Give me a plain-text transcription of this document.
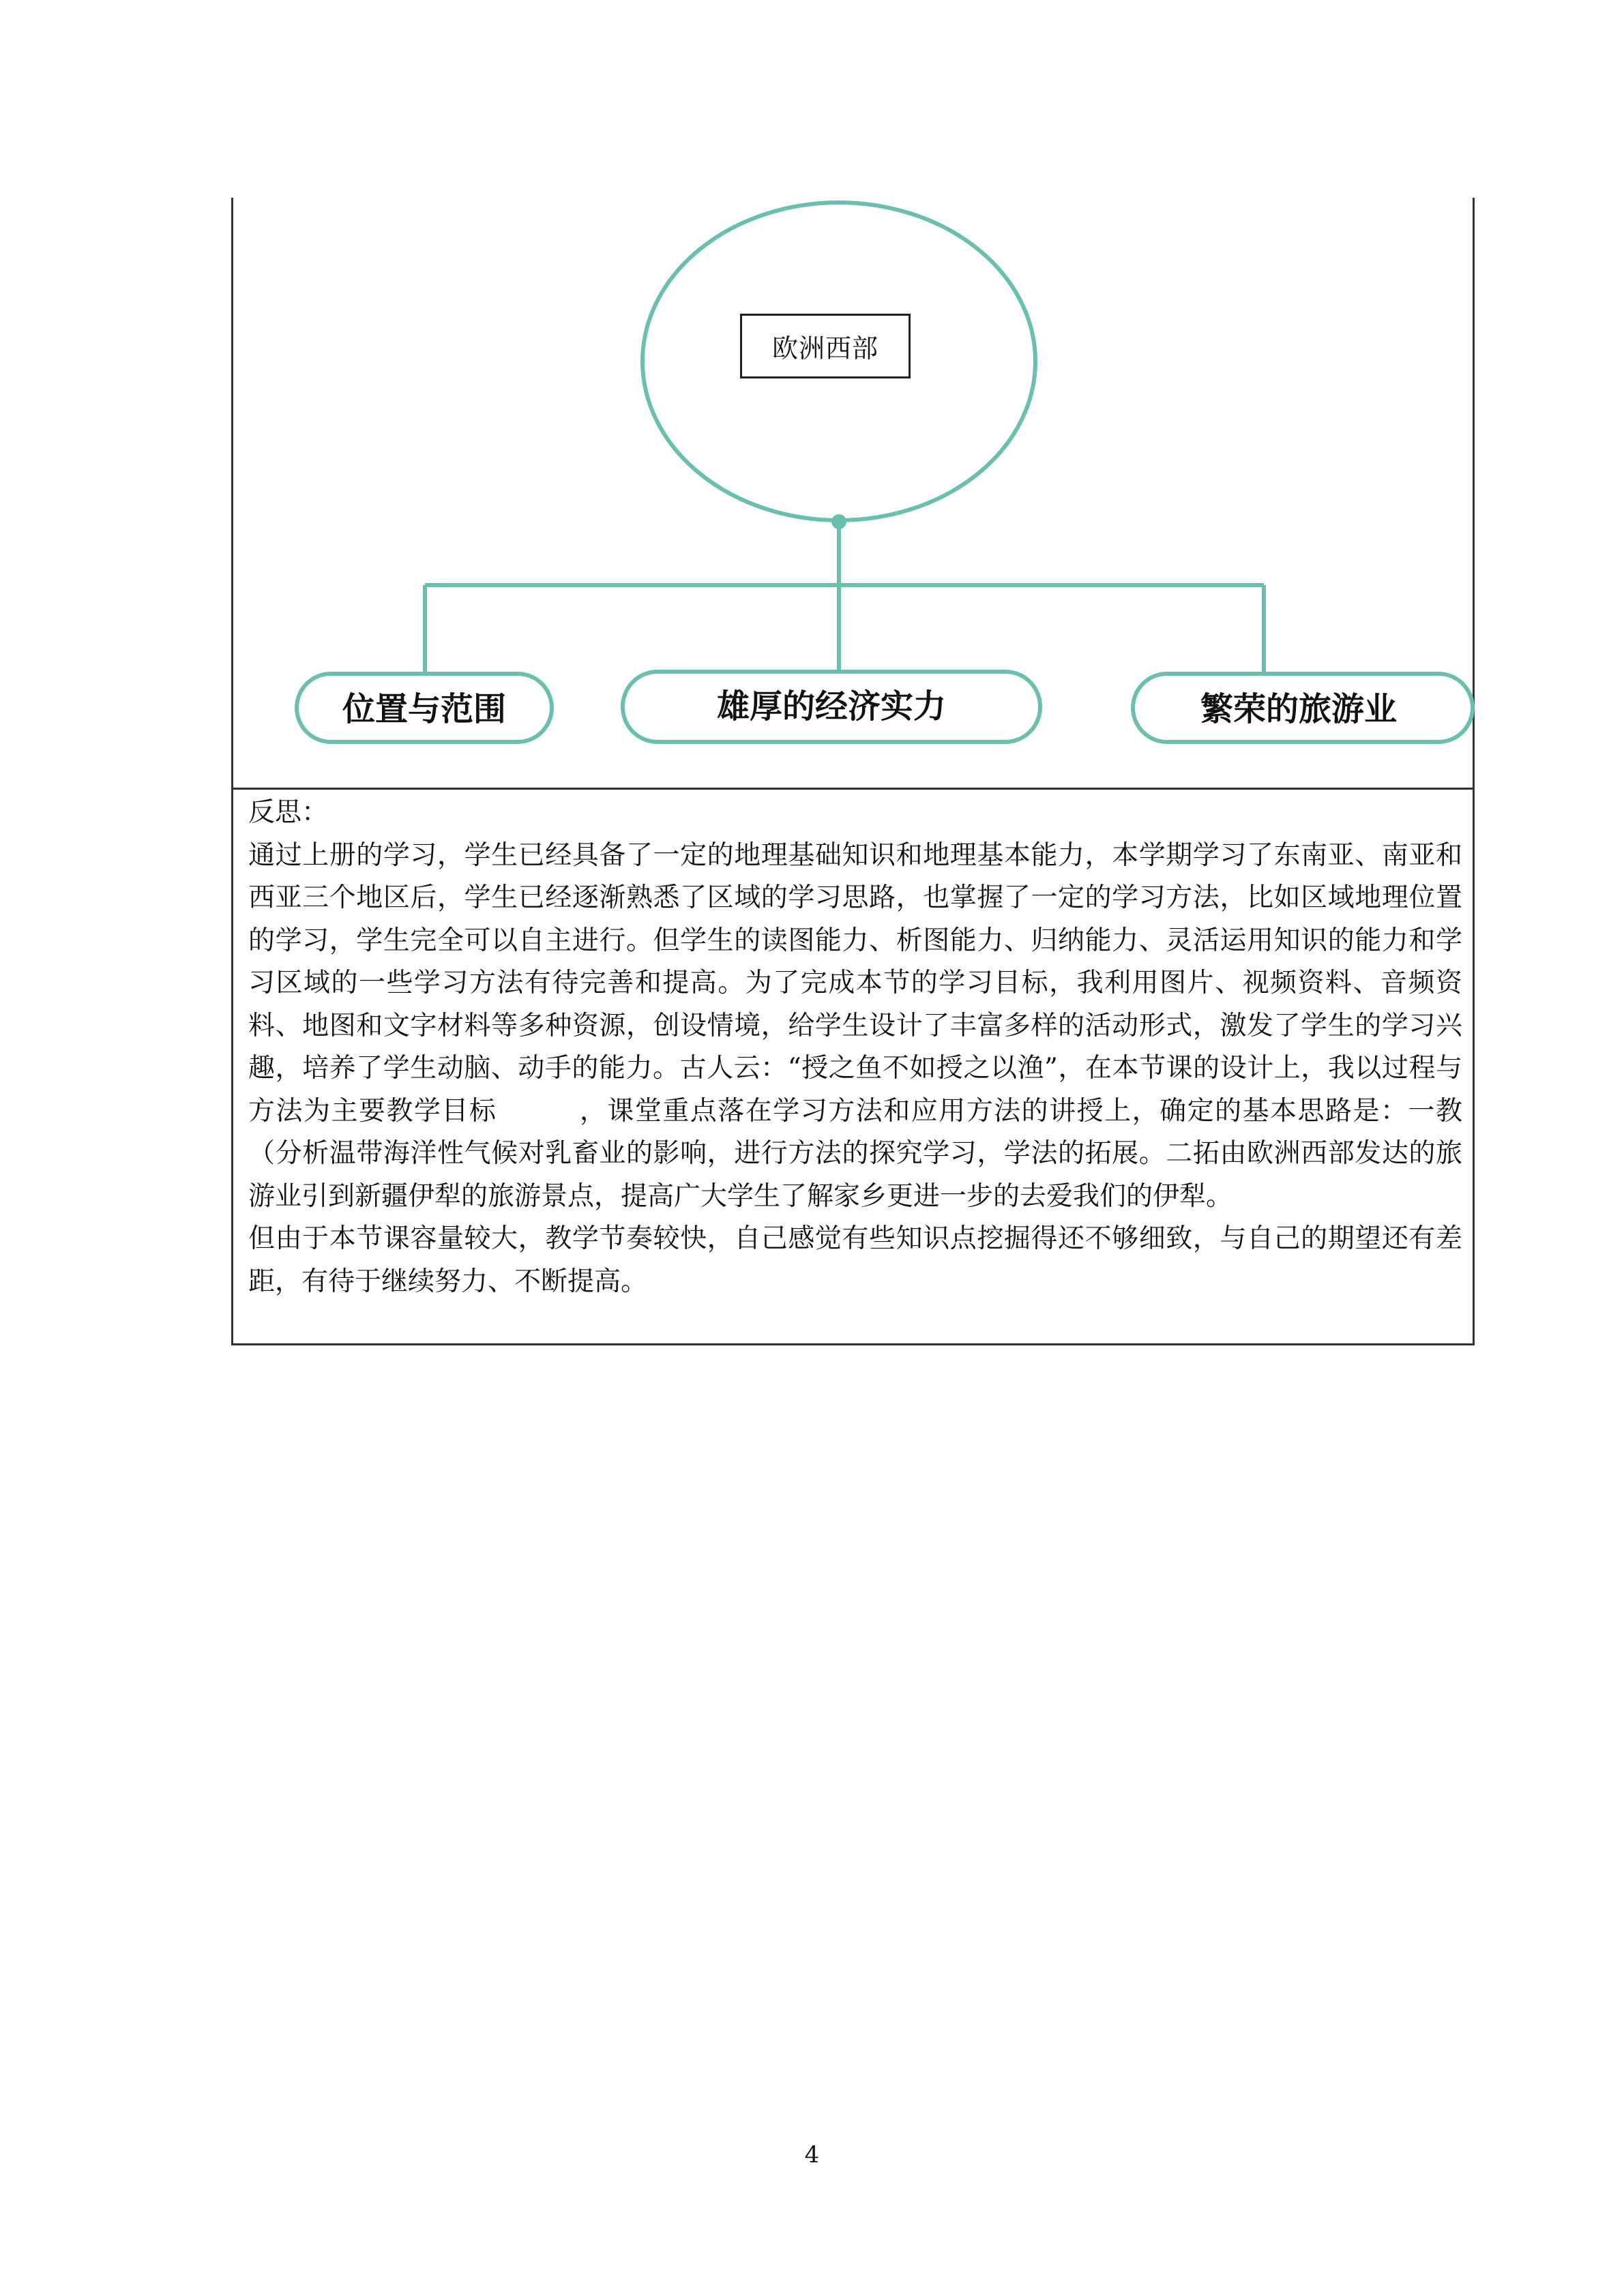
位置与范围	雄厚的经济实力	繁荣的旅游业
欧洲西部

反思：

通过上册的学习，学生已经具备了一定的地理基础知识和地理基本能力，本学期学习了东南亚、南亚和西亚三个地区后，学生已经逐渐熟悉了区域的学习思路，也掌握了一定的学习方法，比如区域地理位置的学习，学生完全可以自主进行。但学生的读图能力、析图能力、归纳能力、灵活运用知识的能力和学习区域的一些学习方法有待完善和提高。为了完成本节的学习目标，我利用图片、视频资料、音频资料、地图和文字材料等多种资源，创设情境，给学生设计了丰富多样的活动形式，激发了学生的学习兴趣，培养了学生动脑、动手的能力。古人云：“授之鱼不如授之以渔”，在本节课的设计上，我以过程与方法为主要教学目标　　　，课堂重点落在学习方法和应用方法的讲授上，确定的基本思路是：一教（分析温带海洋性气候对乳畜业的影响，进行方法的探究学习，学法的拓展。二拓由欧洲西部发达的旅游业引到新疆伊犁的旅游景点，提高广大学生了解家乡更进一步的去爱我们的伊犁。

但由于本节课容量较大，教学节奏较快，自己感觉有些知识点挖掘得还不够细致，与自己的期望还有差距，有待于继续努力、不断提高。

4
